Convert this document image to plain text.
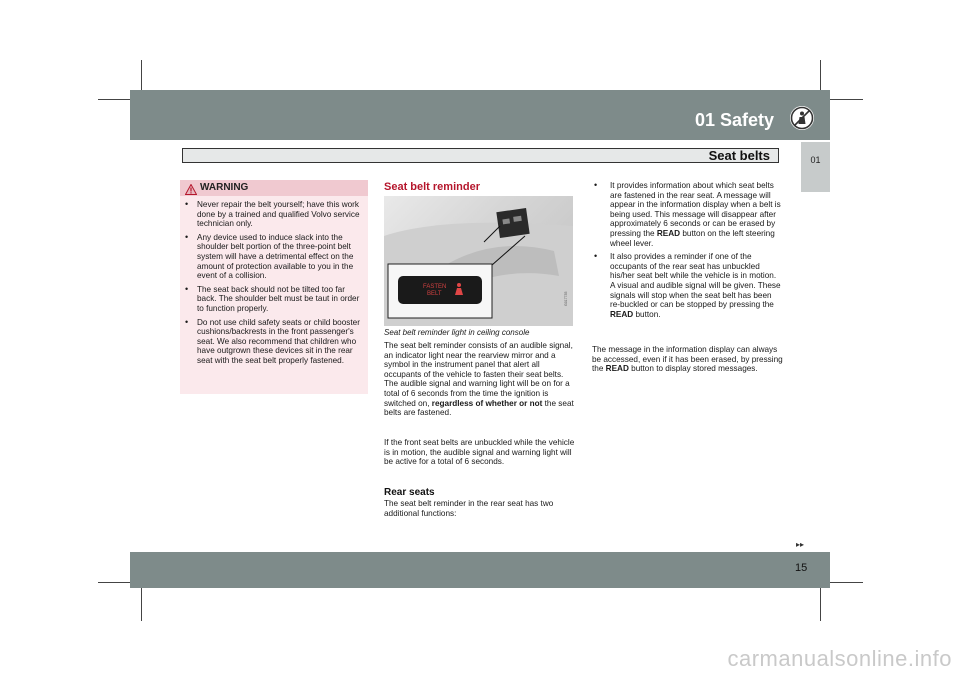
01 Safety
01
Seat belts
WARNING
• Never repair the belt yourself; have this work done by a trained and qualified Volvo service technician only.
• Any device used to induce slack into the shoulder belt portion of the three-point belt system will have a detrimental effect on the amount of protection available to you in the event of a collision.
• The seat back should not be tilted too far back. The shoulder belt must be taut in order to function properly.
• Do not use child safety seats or child booster cushions/backrests in the front passenger's seat. We also recommend that children who have outgrown these devices sit in the rear seat with the seat belt properly fastened.
Seat belt reminder
FASTEN
BELT	G017735
Seat belt reminder light in ceiling console

The seat belt reminder consists of an audible signal, an indicator light near the rearview mirror and a symbol in the instrument panel that alert all occupants of the vehicle to fasten their seat belts. The audible signal and warning light will be on for a total of 6 seconds from the time the ignition is switched on, regardless of whether or not the seat belts are fastened.

If the front seat belts are unbuckled while the vehicle is in motion, the audible signal and warning light will be active for a total of 6 seconds.

Rear seats

The seat belt reminder in the rear seat has two additional functions:

• It provides information about which seat belts are fastened in the rear seat. A message will appear in the information display when a belt is being used. This message will disappear after approximately 6 seconds or can be erased by pressing the READ button on the left steering wheel lever.
• It also provides a reminder if one of the occupants of the rear seat has unbuckled his/her seat belt while the vehicle is in motion. A visual and audible signal will be given. These signals will stop when the seat belt has been re-buckled or can be stopped by pressing the READ button.

The message in the information display can always be accessed, even if it has been erased, by pressing the READ button to display stored messages.

▸▸
15
carmanualsonline.info
